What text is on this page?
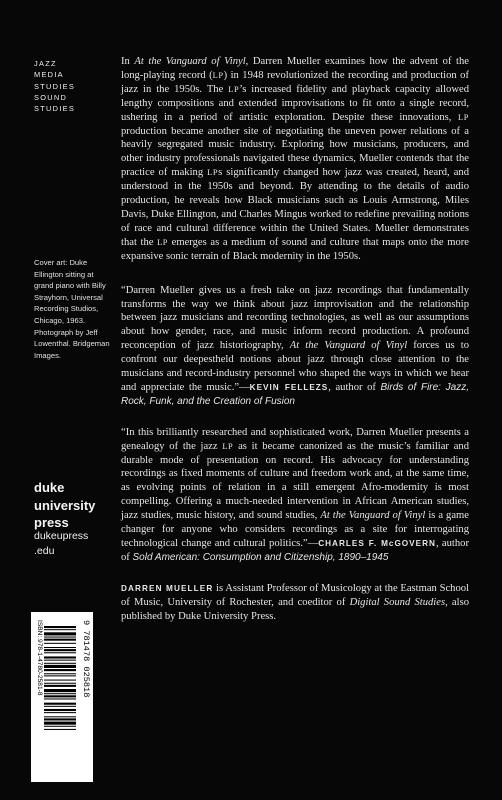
JAZZ
MEDIA
STUDIES
SOUND
STUDIES
Cover art: Duke Ellington sitting at grand piano with Billy Strayhorn, Universal Recording Studios, Chicago, 1963. Photograph by Jeff Lowenthal. Bridgeman Images.
duke
university
press
dukeupress
.edu
ISBN: 978-1-4780-2581-8	9 781478 025818

In At the Vanguard of Vinyl, Darren Mueller examines how the advent of the long-playing record (LP) in 1948 revolutionized the recording and production of jazz in the 1950s. The LP’s increased fidelity and playback capacity allowed lengthy compositions and extended improvisations to fit onto a single record, ushering in a period of artistic exploration. Despite these innovations, LP production became another site of negotiating the uneven power relations of a heavily segregated music industry. Exploring how musicians, producers, and other industry professionals navigated these dynamics, Mueller contends that the practice of making LPs significantly changed how jazz was created, heard, and understood in the 1950s and beyond. By attending to the details of audio production, he reveals how Black musicians such as Louis Armstrong, Miles Davis, Duke Ellington, and Charles Mingus worked to redefine prevailing notions of race and cultural difference within the United States. Mueller demonstrates that the LP emerges as a medium of sound and culture that maps onto the more expansive sonic terrain of Black modernity in the 1950s.

“Darren Mueller gives us a fresh take on jazz recordings that fundamentally transforms the way we think about jazz improvisation and the relationship between jazz musicians and recording technologies, as well as our assumptions about how gender, race, and music inform record production. A profound reconception of jazz historiography, At the Vanguard of Vinyl forces us to confront our deepestheld notions about jazz through close attention to the musicians and record-industry personnel who shaped the ways in which we hear and appreciate the music.”—KEVIN FELLEZS, author of Birds of Fire: Jazz, Rock, Funk, and the Creation of Fusion

“In this brilliantly researched and sophisticated work, Darren Mueller presents a genealogy of the jazz LP as it became canonized as the music’s familiar and durable mode of presentation on record. His advocacy for understanding recordings as fixed moments of culture and freedom work and, at the same time, as evolving points of relation in a still emergent Afro-modernity is most compelling. Offering a much-needed intervention in African American studies, jazz studies, music history, and sound studies, At the Vanguard of Vinyl is a game changer for anyone who considers recordings as a site for interrogating technological change and cultural politics.”—CHARLES F. McGOVERN, author of Sold American: Consumption and Citizenship, 1890–1945

DARREN MUELLER is Assistant Professor of Musicology at the Eastman School of Music, University of Rochester, and coeditor of Digital Sound Studies, also published by Duke University Press.
